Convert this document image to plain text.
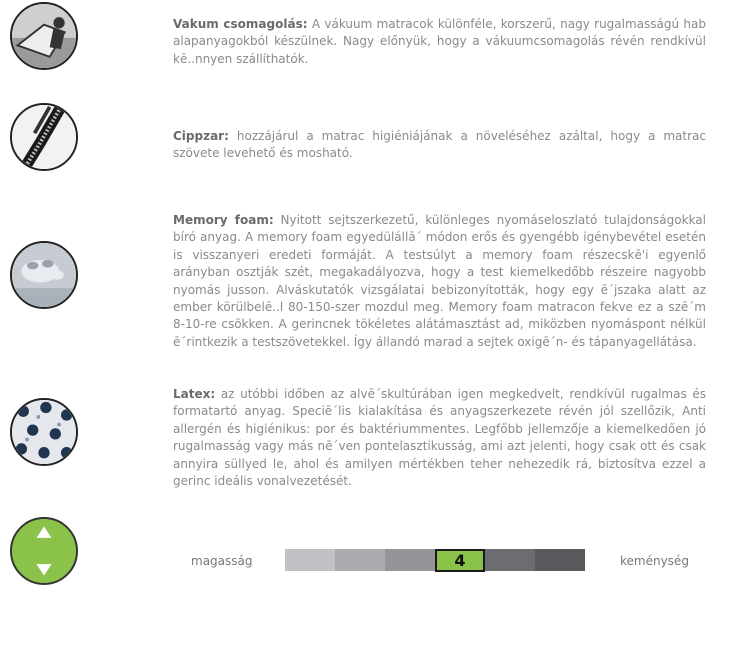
Vakum csomagolás: A vákuum matracok különféle, korszerű, nagy rugalmasságú hab alapanyagokból készülnek. Nagy előnyük, hogy a vákuumcsomagolás révén rendkívül kē..nnyen szállíthatók.

Cippzar: hozzájárul a matrac higiéniájának a növeléséhez azáltal, hogy a matrac szövete levehető és mosható.

Memory foam: Nyitott sejtszerkezetű, különleges nyomáseloszlató tulajdonságokkal bíró anyag. A memory foam egyedülállā´ módon erős és gyengébb igénybevétel esetén is visszanyeri eredeti formáját. A testsúlyt a memory foam részecskē'i egyenlő arányban osztják szét, megakadályozva, hogy a test kiemelkedőbb részeire nagyobb nyomás jusson. Alváskutatók vizsgálatai bebizonyították, hogy egy ē´jszaka alatt az ember körülbelē..l 80-150-szer mozdul meg. Memory foam matracon fekve ez a szē´m 8-10-re csökken. A gerincnek tökéletes alátámasztást ad, miközben nyomáspont nélkül ē´rintkezik a testszövetekkel. Így állandó marad a sejtek oxigē´n- és tápanyagellátása.

Latex: az utóbbi időben az alvē´skultúrában igen megkedvelt, rendkívül rugalmas és formatartó anyag. Speciē´lis kialakítása és anyagszerkezete révén jól szellőzik, Anti allergén és higiénikus: por és baktériummentes. Legfőbb jellemzője a kiemelkedően jó rugalmasság vagy más nē´ven pontelasztikusság, ami azt jelenti, hogy csak ott és csak annyira süllyed le, ahol és amilyen mértékben teher nehezedik rá, biztosítva ezzel a gerinc ideális vonalvezetését.

magasság	4	keménység
